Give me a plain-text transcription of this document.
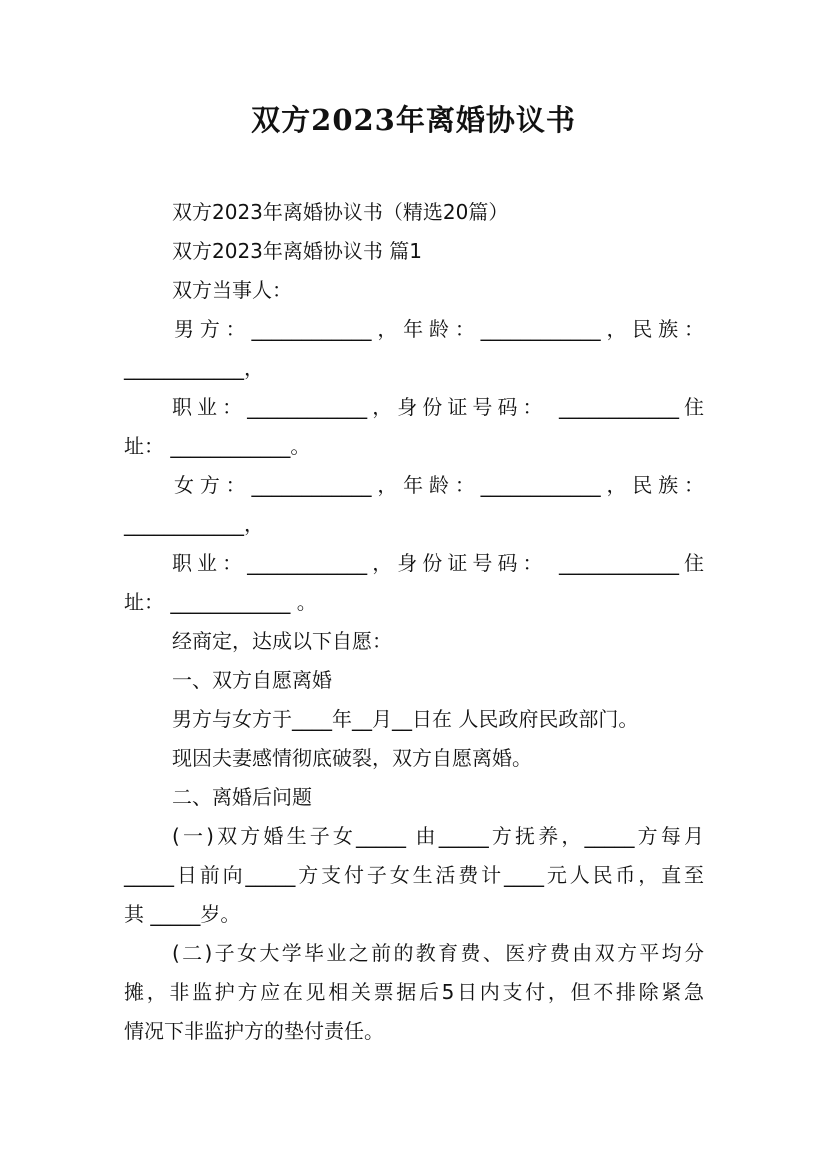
双方2023年离婚协议书
双方2023年离婚协议书（精选20篇）
双方2023年离婚协议书 篇1
双方当事人：
男方：____________，年龄：____________，民族：
____________，
职业：____________，身份证号码： ____________住
址： ____________。
女方：____________，年龄：____________，民族：
____________，
职业：____________，身份证号码： ____________住
址： ____________ 。
经商定，达成以下自愿：
一、双方自愿离婚
男方与女方于____年__月__日在 人民政府民政部门。
现因夫妻感情彻底破裂，双方自愿离婚。
二、离婚后问题
(一)双方婚生子女_____ 由_____方抚养，_____方每月
_____日前向_____方支付子女生活费计____元人民币，直至
其 _____岁。
(二)子女大学毕业之前的教育费、医疗费由双方平均分
摊，非监护方应在见相关票据后5日内支付，但不排除紧急
情况下非监护方的垫付责任。
